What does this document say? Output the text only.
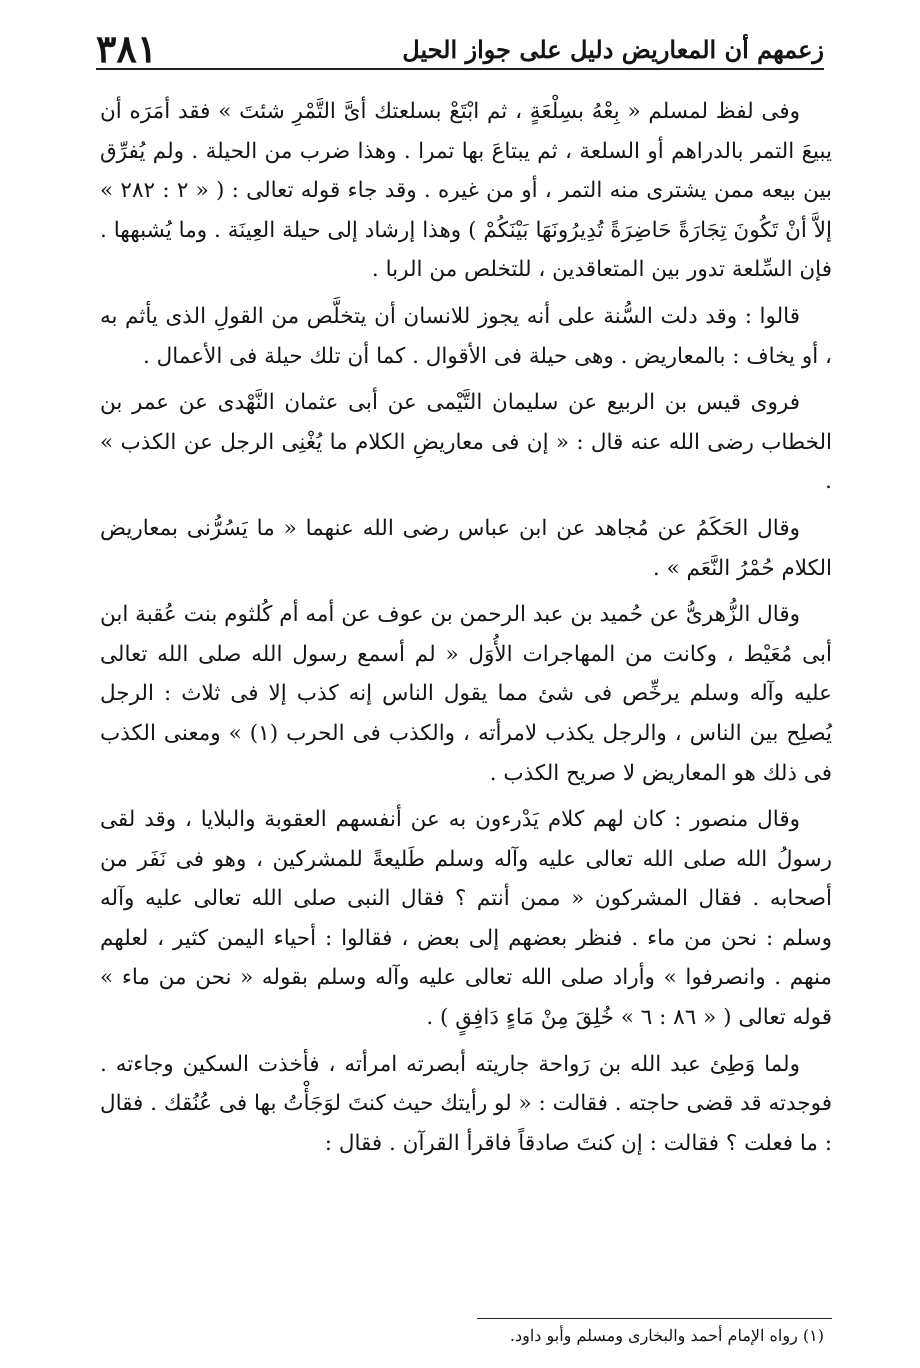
زعمهم أن المعاريض دليل على جواز الحيل
٣٨١

وفى لفظ لمسلم « بِعْهُ بسِلْعَةٍ ، ثم ابْتَعْ بسلعتك أىَّ التَّمْرِ شئتَ » فقد أمَرَه أن يبيعَ التمر بالدراهم أو السلعة ، ثم يبتاعَ بها تمرا . وهذا ضرب من الحيلة . ولم يُفرِّق بين بيعه ممن يشترى منه التمر ، أو من غيره . وقد جاء قوله تعالى : ( « ٢ : ٢٨٢ » إلاَّ أنْ تَكُونَ تِجَارَةً حَاضِرَةً تُدِيرُونَهَا بَيْنَكُمْ ) وهذا إرشاد إلى حيلة العِينَة . وما يُشبهها . فإن السِّلعة تدور بين المتعاقدين ، للتخلص من الربا .

قالوا : وقد دلت السُّنة على أنه يجوز للانسان أن يتخلَّص من القولِ الذى يأثم به ، أو يخاف : بالمعاريض . وهى حيلة فى الأقوال . كما أن تلك حيلة فى الأعمال .

فروى قيس بن الربيع عن سليمان التَّيْمى عن أبى عثمان النَّهْدى عن عمر بن الخطاب رضى الله عنه قال : « إن فى معاريضِ الكلام ما يُغْنِى الرجل عن الكذب » .

وقال الحَكَمُ عن مُجاهد عن ابن عباس رضى الله عنهما « ما يَسُرُّنى بمعاريض الكلام حُمْرُ النَّعَم » .

وقال الزُّهرىُّ عن حُميد بن عبد الرحمن بن عوف عن أمه أم كُلثوم بنت عُقبة ابن أبى مُعَيْط ، وكانت من المهاجرات الأُوَل « لم أسمع رسول الله صلى الله تعالى عليه وآله وسلم يرخِّص فى شئ مما يقول الناس إنه كذب إلا فى ثلاث : الرجل يُصلِح بين الناس ، والرجل يكذب لامرأته ، والكذب فى الحرب (١) » ومعنى الكذب فى ذلك هو المعاريض لا صريح الكذب .

وقال منصور : كان لهم كلام يَدْرءون به عن أنفسهم العقوبة والبلايا ، وقد لقى رسولُ الله صلى الله تعالى عليه وآله وسلم طَليعةً للمشركين ، وهو فى نَفَر من أصحابه . فقال المشركون « ممن أنتم ؟ فقال النبى صلى الله تعالى عليه وآله وسلم : نحن من ماء . فنظر بعضهم إلى بعض ، فقالوا : أحياء اليمن كثير ، لعلهم منهم . وانصرفوا » وأراد صلى الله تعالى عليه وآله وسلم بقوله « نحن من ماء » قوله تعالى ( « ٨٦ : ٦ » خُلِقَ مِنْ مَاءٍ دَافِقٍ ) .

ولما وَطِئ عبد الله بن رَواحة جاريته أبصرته امرأته ، فأخذت السكين وجاءته . فوجدته قد قضى حاجته . فقالت : « لو رأيتك حيث كنتَ لوَجَأْتُ بها فى عُنُقك . فقال : ما فعلت ؟ فقالت : إن كنتَ صادقاً فاقرأ القرآن . فقال :

(١) رواه الإمام أحمد والبخارى ومسلم وأبو داود.
